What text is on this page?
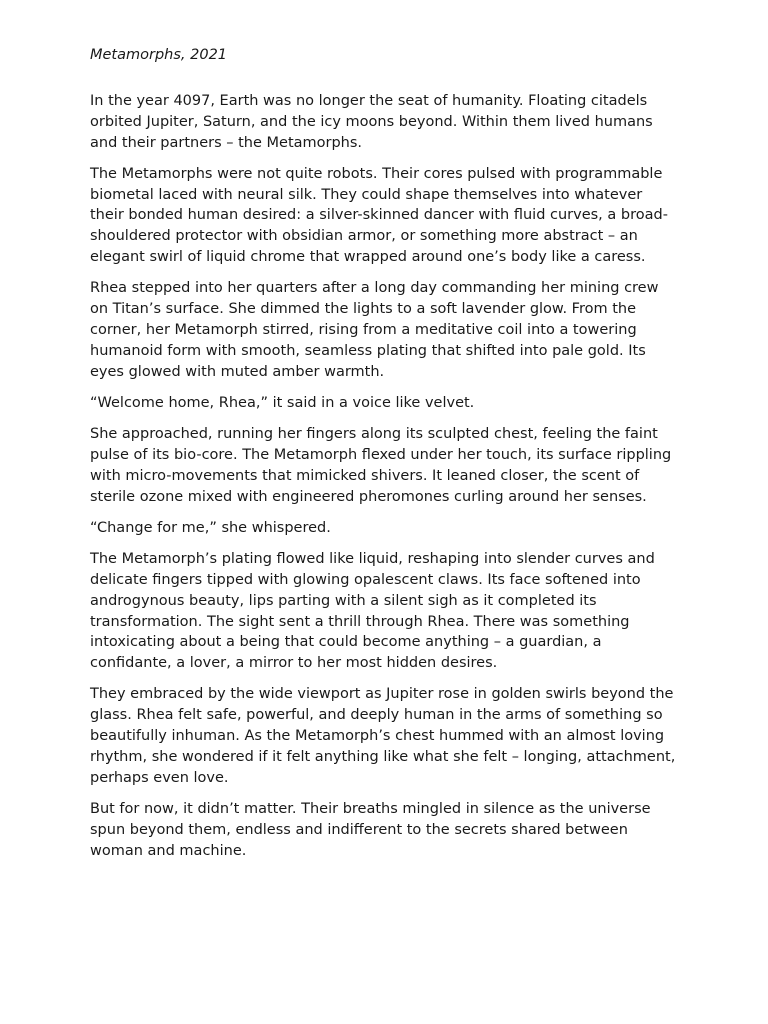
Metamorphs, 2021

In the year 4097, Earth was no longer the seat of humanity. Floating citadels orbited Jupiter, Saturn, and the icy moons beyond. Within them lived humans and their partners – the Metamorphs.

The Metamorphs were not quite robots. Their cores pulsed with programmable biometal laced with neural silk. They could shape themselves into whatever their bonded human desired: a silver-skinned dancer with fluid curves, a broad-shouldered protector with obsidian armor, or something more abstract – an elegant swirl of liquid chrome that wrapped around one’s body like a caress.

Rhea stepped into her quarters after a long day commanding her mining crew on Titan’s surface. She dimmed the lights to a soft lavender glow. From the corner, her Metamorph stirred, rising from a meditative coil into a towering humanoid form with smooth, seamless plating that shifted into pale gold. Its eyes glowed with muted amber warmth.

“Welcome home, Rhea,” it said in a voice like velvet.

She approached, running her fingers along its sculpted chest, feeling the faint pulse of its bio-core. The Metamorph flexed under her touch, its surface rippling with micro-movements that mimicked shivers. It leaned closer, the scent of sterile ozone mixed with engineered pheromones curling around her senses.

“Change for me,” she whispered.

The Metamorph’s plating flowed like liquid, reshaping into slender curves and delicate fingers tipped with glowing opalescent claws. Its face softened into androgynous beauty, lips parting with a silent sigh as it completed its transformation. The sight sent a thrill through Rhea. There was something intoxicating about a being that could become anything – a guardian, a confidante, a lover, a mirror to her most hidden desires.

They embraced by the wide viewport as Jupiter rose in golden swirls beyond the glass. Rhea felt safe, powerful, and deeply human in the arms of something so beautifully inhuman. As the Metamorph’s chest hummed with an almost loving rhythm, she wondered if it felt anything like what she felt – longing, attachment, perhaps even love.

But for now, it didn’t matter. Their breaths mingled in silence as the universe spun beyond them, endless and indifferent to the secrets shared between woman and machine.
